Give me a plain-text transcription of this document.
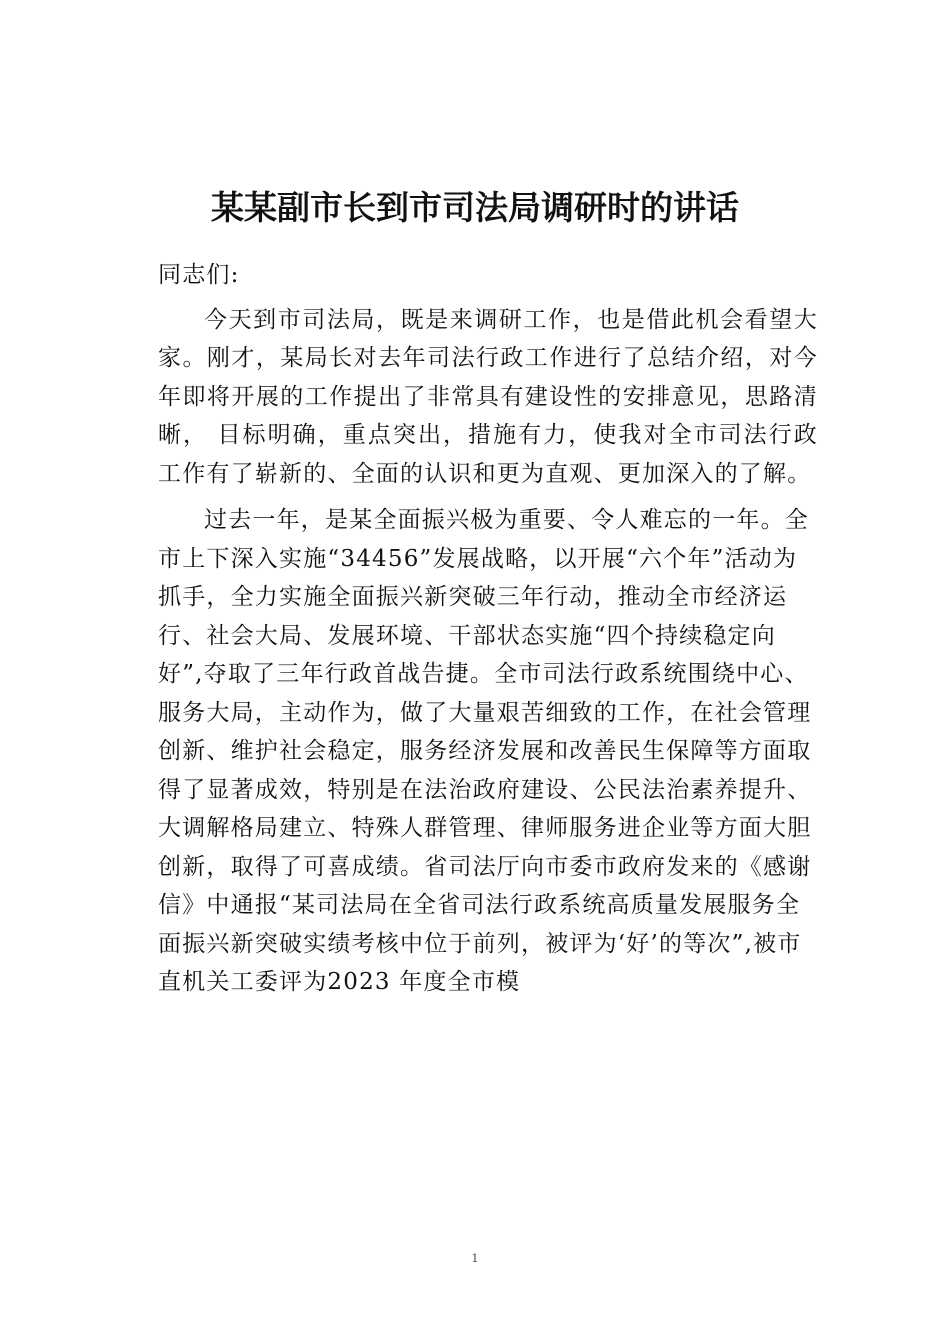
某某副市长到市司法局调研时的讲话

同志们:

今天到市司法局，既是来调研工作，也是借此机会看望大家。刚才，某局长对去年司法行政工作进行了总结介绍，对今年即将开展的工作提出了非常具有建设性的安排意见，思路清晰， 目标明确，重点突出，措施有力，使我对全市司法行政工作有了崭新的、全面的认识和更为直观、更加深入的了解。

过去一年，是某全面振兴极为重要、令人难忘的一年。全市上下深入实施“34456”发展战略，以开展“六个年”活动为抓手，全力实施全面振兴新突破三年行动，推动全市经济运行、社会大局、发展环境、干部状态实施“四个持续稳定向好”,夺取了三年行政首战告捷。全市司法行政系统围绕中心、服务大局，主动作为，做了大量艰苦细致的工作，在社会管理创新、维护社会稳定，服务经济发展和改善民生保障等方面取得了显著成效，特别是在法治政府建设、公民法治素养提升、大调解格局建立、特殊人群管理、律师服务进企业等方面大胆创新，取得了可喜成绩。省司法厅向市委市政府发来的《感谢信》中通报“某司法局在全省司法行政系统高质量发展服务全面振兴新突破实绩考核中位于前列，被评为‘好’的等次”,被市直机关工委评为2023 年度全市模

1
